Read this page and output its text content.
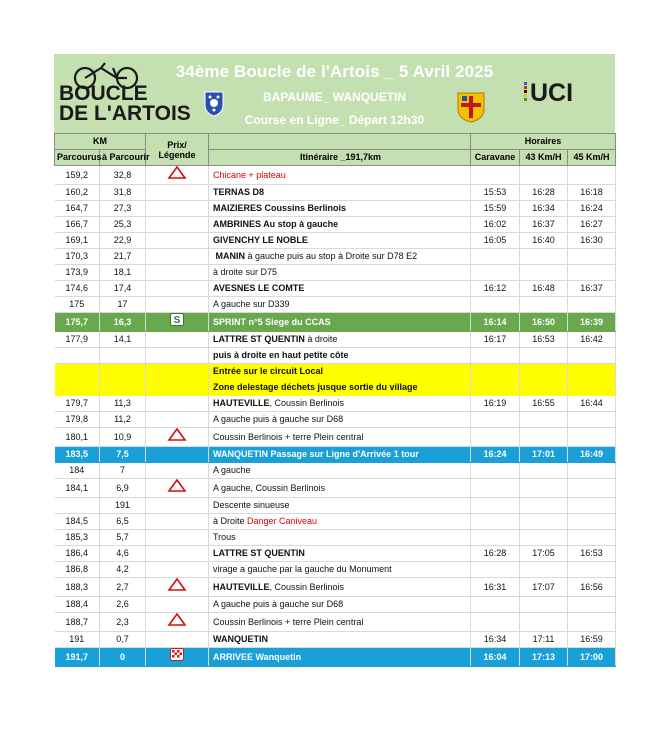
BOUCLE
DE L'ARTOIS
34ème Boucle de l'Artois _ 5 Avril 2025
BAPAUME_ WANQUETIN
Course en Ligne_ Départ 12h30
UCI
KM		Prix/ Légende		Horaires		
Parcourus	à Parcourir		Itinéraire _191,7km	Caravane	43 Km/H	45 Km/H
159,2	32,8		Chicane + plateau			
160,2	31,8		TERNAS D8	15:53	16:28	16:18
164,7	27,3		MAIZIERES Coussins Berlinois	15:59	16:34	16:24
166,7	25,3		AMBRINES Au stop à gauche	16:02	16:37	16:27
169,1	22,9		GIVENCHY LE NOBLE	16:05	16:40	16:30
170,3	21,7		MANIN à gauche puis au stop à Droite sur D78 E2			
173,9	18,1		à droite sur D75			
174,6	17,4		AVESNES LE COMTE	16:12	16:48	16:37
175	17		A gauche sur D339			
175,7	16,3	S	SPRINT n°5 Siege du CCAS	16:14	16:50	16:39
177,9	14,1		LATTRE ST QUENTIN à droite	16:17	16:53	16:42
			puis à droite en haut petite côte			
			Entrée sur le circuit Local			
			Zone delestage déchets jusque sortie du village			
179,7	11,3		HAUTEVILLE, Coussin Berlinois	16:19	16:55	16:44
179,8	11,2		A gauche puis à gauche sur D68			
180,1	10,9		Coussin Berlinois + terre Plein central			
183,5	7,5		WANQUETIN Passage sur Ligne d'Arrivée 1 tour	16:24	17:01	16:49
184	7		A gauche			
184,1	6,9		A gauche, Coussin Berlinois			
	191		Descente sinueuse			
184,5	6,5		à Droite Danger Caniveau			
185,3	5,7		Trous			
186,4	4,6		LATTRE ST QUENTIN	16:28	17:05	16:53
186,8	4,2		virage a gauche par la gauche du Monument			
188,3	2,7		HAUTEVILLE, Coussin Berlinois	16:31	17:07	16:56
188,4	2,6		A gauche puis à gauche sur D68			
188,7	2,3		Coussin Berlinois + terre Plein central			
191	0,7		WANQUETIN	16:34	17:11	16:59
191,7	0		ARRIVEE Wanquetin	16:04	17:13	17:00
